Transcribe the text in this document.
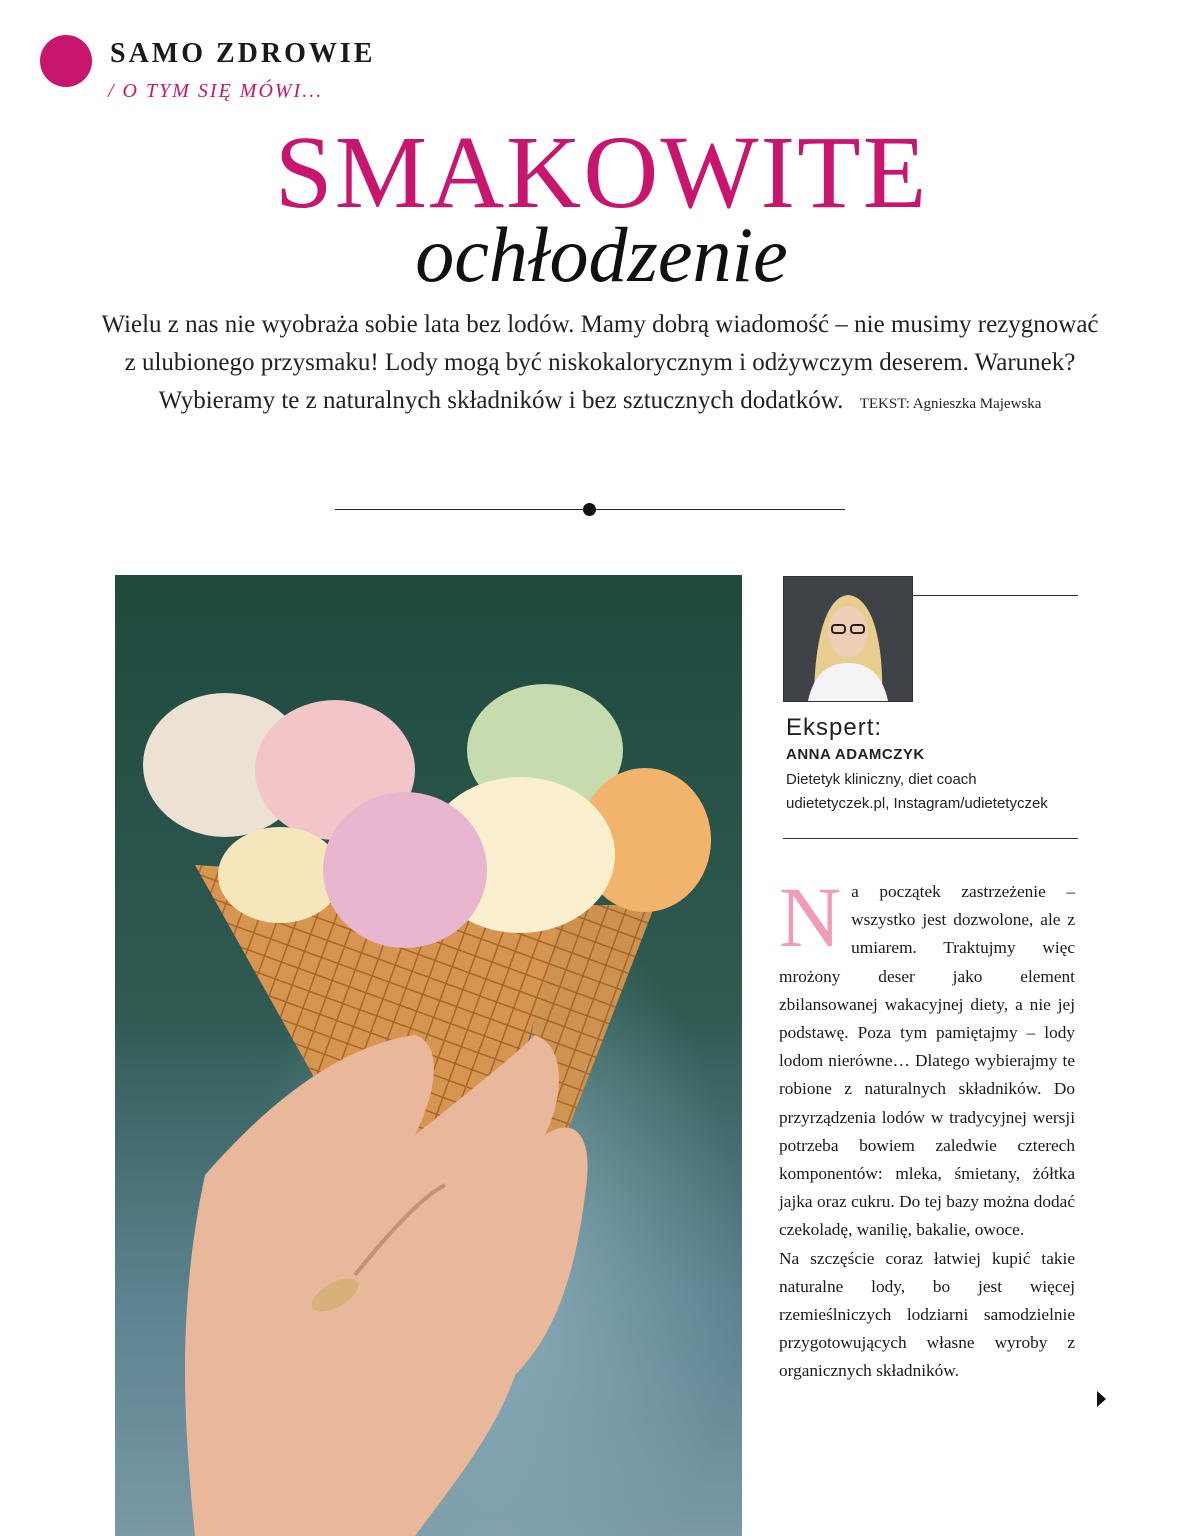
SAMO ZDROWIE
/ O TYM SIĘ MÓWI...
SMAKOWITE
ochłodzenie
Wielu z nas nie wyobraża sobie lata bez lodów. Mamy dobrą wiadomość – nie musimy rezygnować z ulubionego przysmaku! Lody mogą być niskokalorycznym i odżywczym deserem. Warunek? Wybieramy te z naturalnych składników i bez sztucznych dodatków. TEKST: Agnieszka Majewska
Ekspert:
ANNA ADAMCZYK
Dietetyk kliniczny, diet coach
udietetyczek.pl, Instagram/udietetyczek
N a początek zastrzeżenie – wszystko jest dozwolone, ale z umiarem. Traktujmy więc mrożony deser jako element zbilansowanej wakacyjnej diety, a nie jej podstawę. Poza tym pamiętajmy – lody lodom nierówne… Dlatego wybierajmy te robione z naturalnych składników. Do przyrządzenia lodów w tradycyjnej wersji potrzeba bowiem zaledwie czterech komponentów: mleka, śmietany, żółtka jajka oraz cukru. Do tej bazy można dodać czekoladę, wanilię, bakalie, owoce.

Na szczęście coraz łatwiej kupić takie naturalne lody, bo jest więcej rzemieślniczych lodziarni samodzielnie przygotowujących własne wyroby z organicznych składników.
